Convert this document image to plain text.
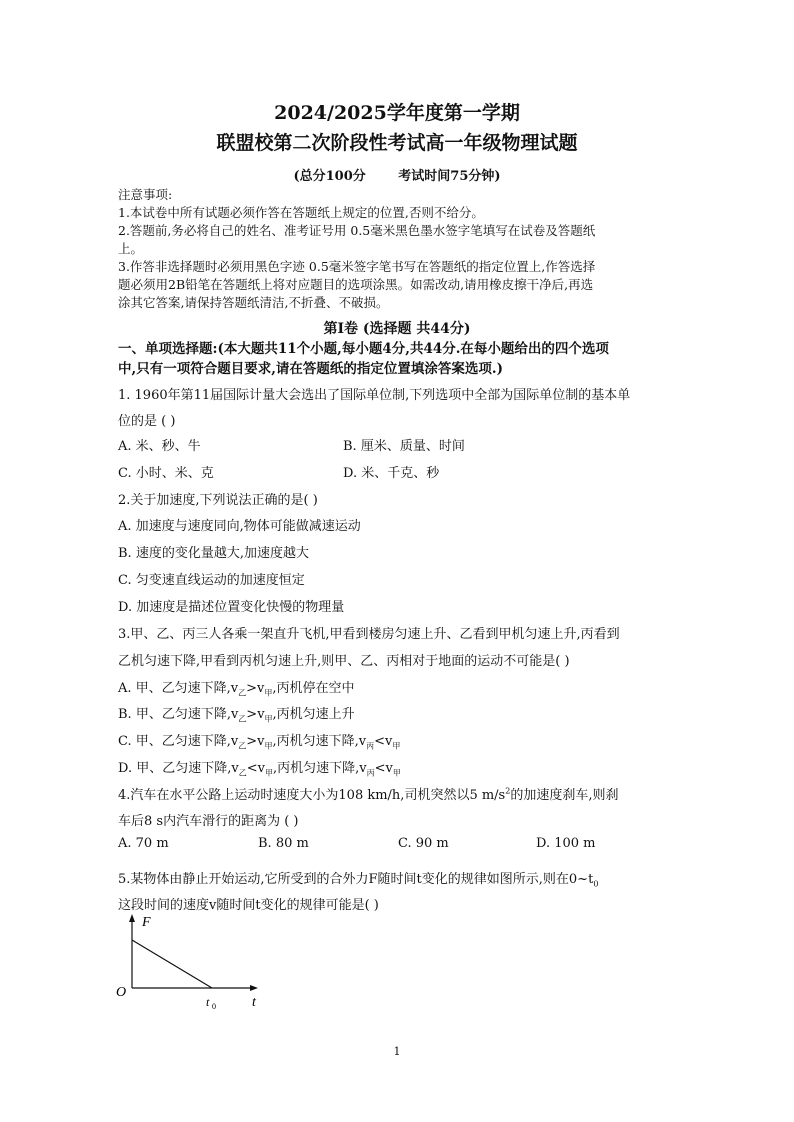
2024/2025学年度第一学期
联盟校第二次阶段性考试高一年级物理试题
(总分100分	考试时间75分钟)
注意事项:
1.本试卷中所有试题必须作答在答题纸上规定的位置,否则不给分。
2.答题前,务必将自己的姓名、准考证号用 0.5毫米黑色墨水签字笔填写在试卷及答题纸
上。
3.作答非选择题时必须用黑色字迹 0.5毫米签字笔书写在答题纸的指定位置上,作答选择
题必须用2B铅笔在答题纸上将对应题目的选项涂黑。如需改动,请用橡皮擦干净后,再选
涂其它答案,请保持答题纸清洁,不折叠、不破损。
第Ⅰ卷 (选择题 共44分)
一、单项选择题:(本大题共11个小题,每小题4分,共44分.在每小题给出的四个选项
中,只有一项符合题目要求,请在答题纸的指定位置填涂答案选项.)
1. 1960年第11届国际计量大会选出了国际单位制,下列选项中全部为国际单位制的基本单
位的是 ( )
A. 米、秒、牛	B. 厘米、质量、时间
C. 小时、米、克	D. 米、千克、秒
2.关于加速度,下列说法正确的是( )
A. 加速度与速度同向,物体可能做减速运动
B. 速度的变化量越大,加速度越大
C. 匀变速直线运动的加速度恒定
D. 加速度是描述位置变化快慢的物理量
3.甲、乙、丙三人各乘一架直升飞机,甲看到楼房匀速上升、乙看到甲机匀速上升,丙看到
乙机匀速下降,甲看到丙机匀速上升,则甲、乙、丙相对于地面的运动不可能是( )
A. 甲、乙匀速下降$,v_乙>v_甲$,丙机停在空中
B. 甲、乙匀速下降$,v_乙>v_甲$,丙机匀速上升
C. 甲、乙匀速下降$,v_乙>v_甲$,丙机匀速下降$,v_丙<v_甲$
D. 甲、乙匀速下降$,v_乙<v_甲$,丙机匀速下降$,v_丙<v_甲$
4.汽车在水平公路上运动时速度大小为108 km/h,司机突然以5 $m/s^2$的加速度刹车,则刹
车后8 s内汽车滑行的距离为 ( )
A. 70 m	B. 80 m	C. 90 m	D. 100 m
5.某物体由静止开始运动,它所受到的合外力F随时间t变化的规律如图所示,则在$0\sim t_0$
这段时间的速度v随时间t变化的规律可能是( )
F
t
O
t 0
1
